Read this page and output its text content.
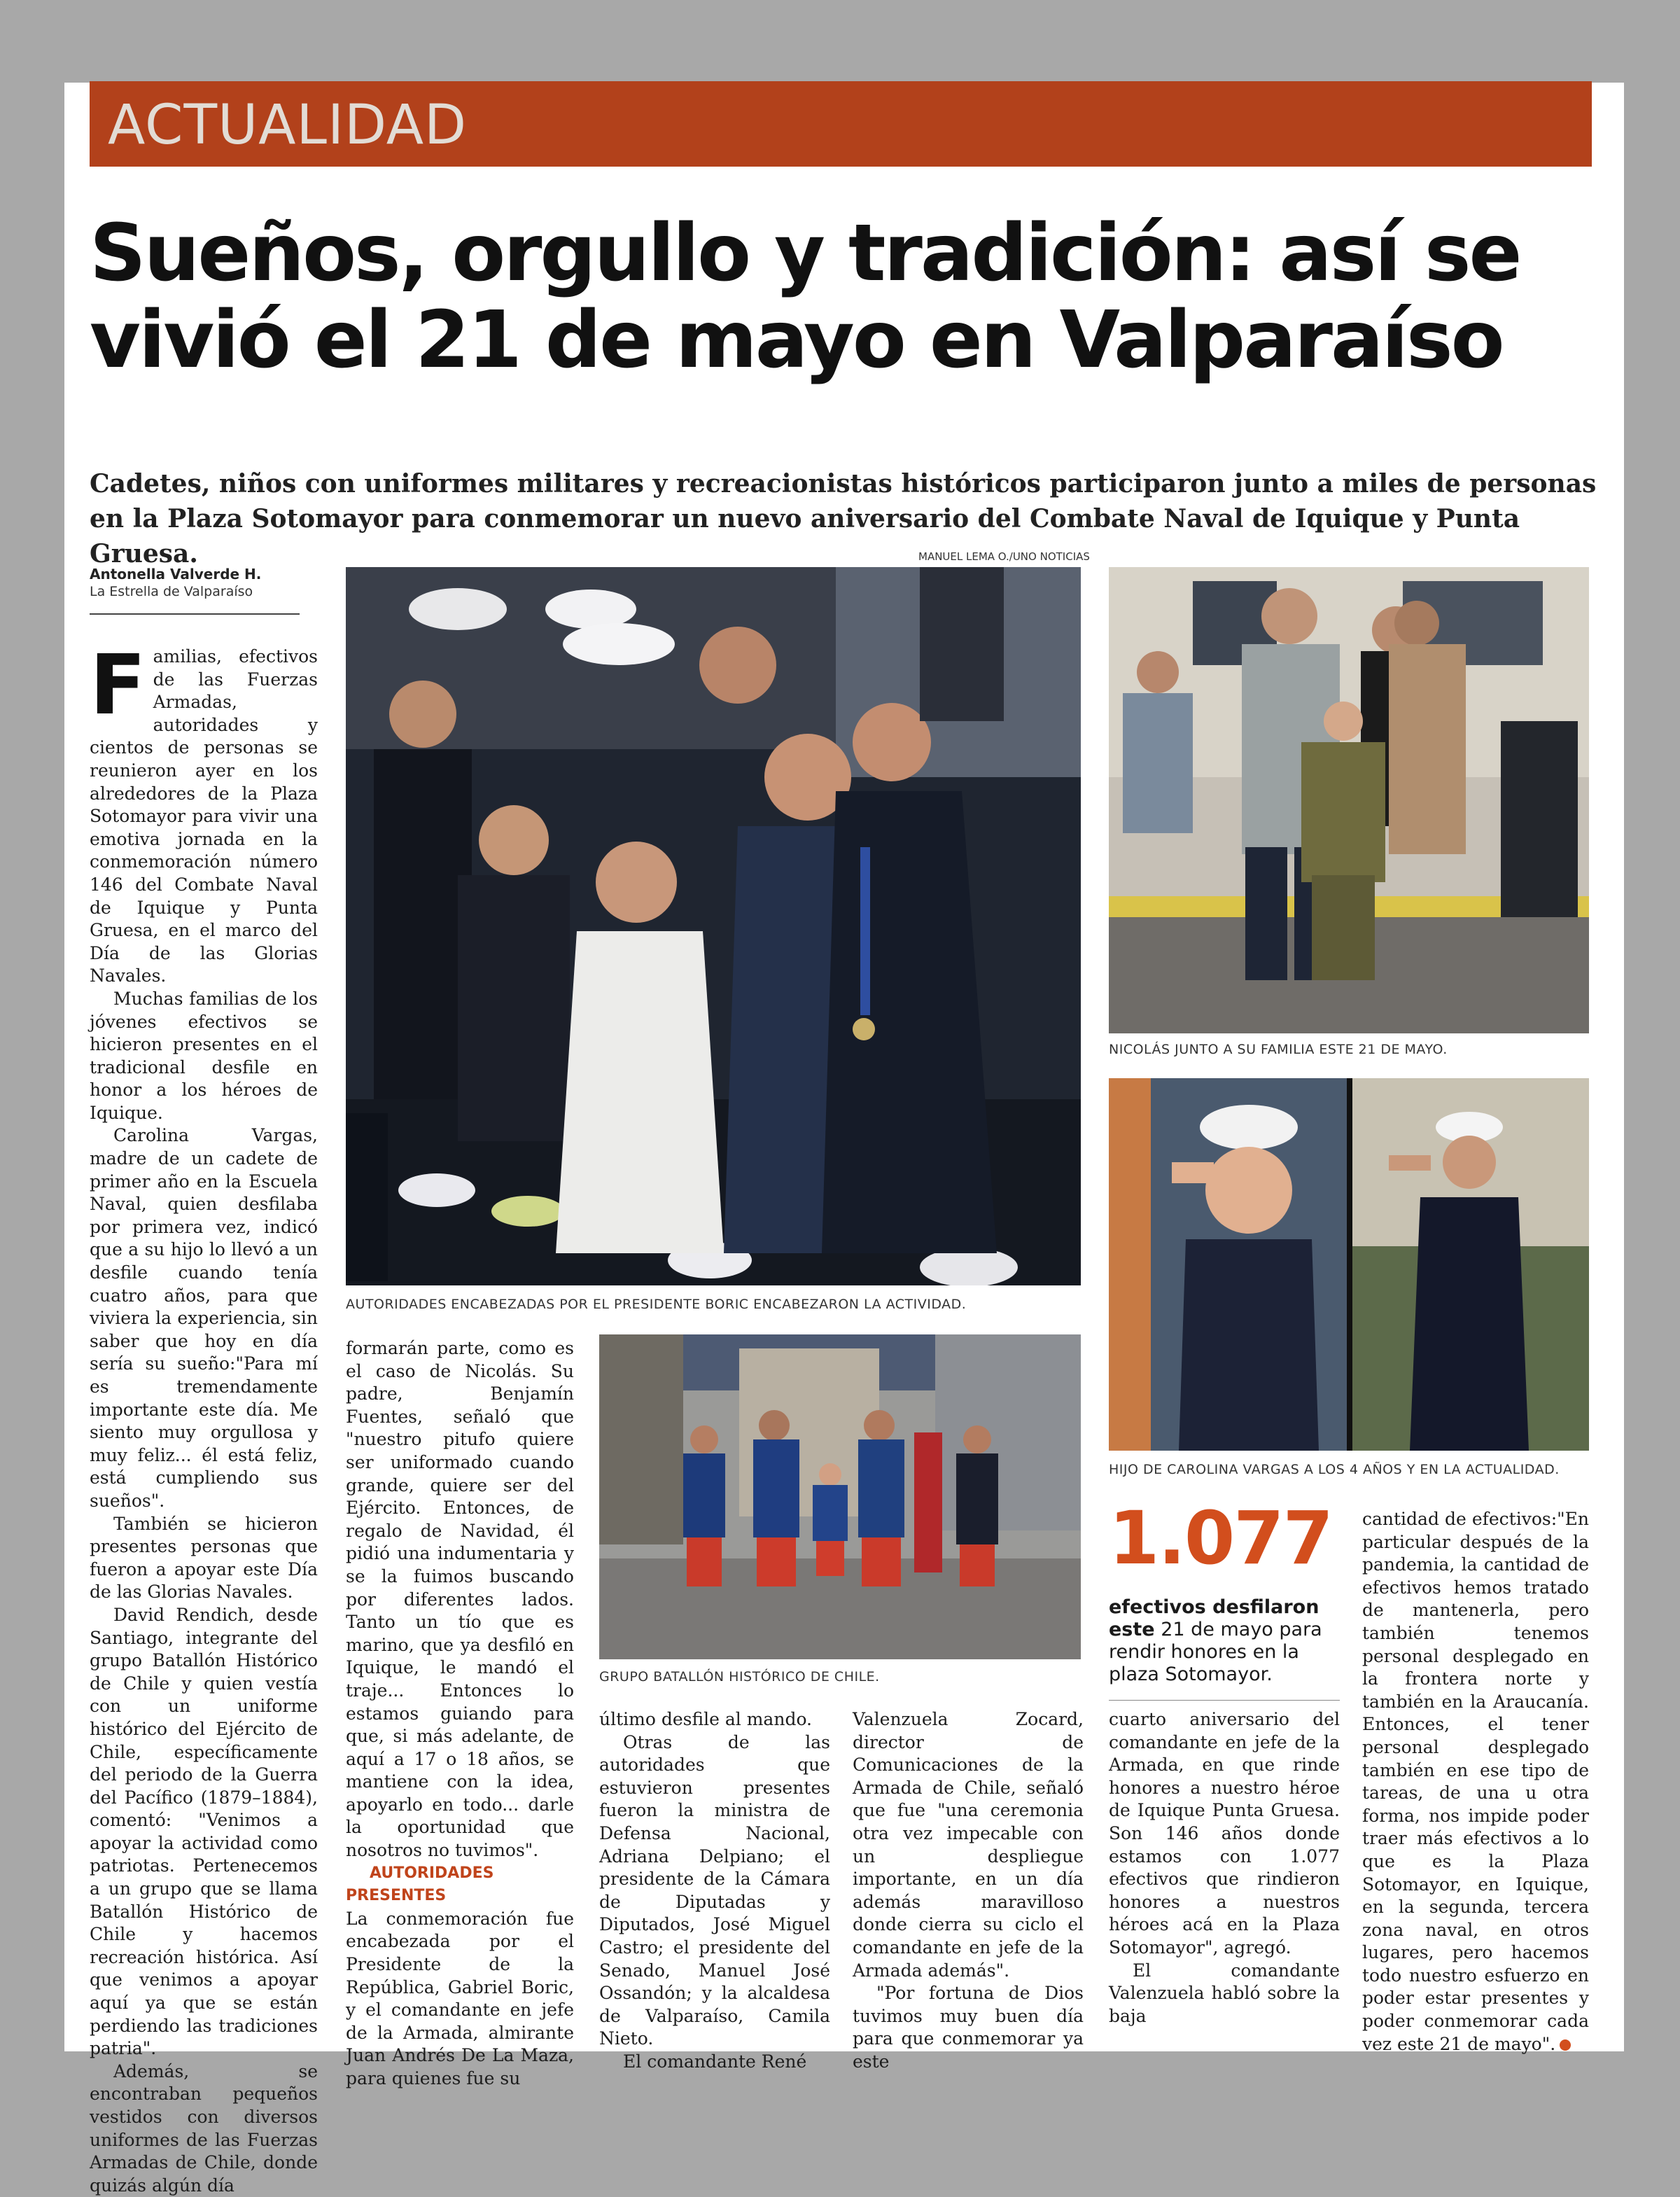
ACTUALIDAD
Sueños, orgullo y tradición: así se vivió el 21 de mayo en Valparaíso
Cadetes, niños con uniformes militares y recreacionistas históricos participaron junto a miles de personas en la Plaza Sotomayor para conmemorar un nuevo aniversario del Combate Naval de Iquique y Punta Gruesa.	MANUEL LEMA O./UNO NOTICIAS
Antonella Valverde H.
La Estrella de Valparaíso
AUTORIDADES ENCABEZADAS POR EL PRESIDENTE BORIC ENCABEZARON LA ACTIVIDAD.
NICOLÁS JUNTO A SU FAMILIA ESTE 21 DE MAYO.
HIJO DE CAROLINA VARGAS A LOS 4 AÑOS Y EN LA ACTUALIDAD.
GRUPO BATALLÓN HISTÓRICO DE CHILE.
1.077
efectivos desfilaron este 21 de mayo para rendir honores en la plaza Sotomayor.

Familias, efectivos de las Fuerzas Armadas, autoridades y cientos de personas se reunieron ayer en los alrededores de la Plaza Sotomayor para vivir una emotiva jornada en la conmemoración número 146 del Combate Naval de Iquique y Punta Gruesa, en el marco del Día de las Glorias Navales.

Muchas familias de los jóvenes efectivos se hicieron presentes en el tradicional desfile en honor a los héroes de Iquique.

Carolina Vargas, madre de un cadete de primer año en la Escuela Naval, quien desfilaba por primera vez, indicó que a su hijo lo llevó a un desfile cuando tenía cuatro años, para que viviera la experiencia, sin saber que hoy en día sería su sueño:"Para mí es tremendamente importante este día. Me siento muy orgullosa y muy feliz... él está feliz, está cumpliendo sus sueños".

También se hicieron presentes personas que fueron a apoyar este Día de las Glorias Navales.

David Rendich, desde Santiago, integrante del grupo Batallón Histórico de Chile y quien vestía con un uniforme histórico del Ejército de Chile, específicamente del periodo de la Guerra del Pacífico (1879–1884), comentó: "Venimos a apoyar la actividad como patriotas. Pertenecemos a un grupo que se llama Batallón Histórico de Chile y hacemos recreación histórica. Así que venimos a apoyar aquí ya que se están perdiendo las tradiciones patria".

Además, se encontraban pequeños vestidos con diversos uniformes de las Fuerzas Armadas de Chile, donde quizás algún día

formarán parte, como es el caso de Nicolás. Su padre, Benjamín Fuentes, señaló que "nuestro pitufo quiere ser uniformado cuando grande, quiere ser del Ejército. Entonces, de regalo de Navidad, él pidió una indumentaria y se la fuimos buscando por diferentes lados. Tanto un tío que es marino, que ya desfiló en Iquique, le mandó el traje... Entonces lo estamos guiando para que, si más adelante, de aquí a 17 o 18 años, se mantiene con la idea, apoyarlo en todo... darle la oportunidad que nosotros no tuvimos".

AUTORIDADES PRESENTES

La conmemoración fue encabezada por el Presidente de la República, Gabriel Boric, y el comandante en jefe de la Armada, almirante Juan Andrés De La Maza, para quienes fue su

último desfile al mando.

Otras de las autoridades que estuvieron presentes fueron la ministra de Defensa Nacional, Adriana Delpiano; el presidente de la Cámara de Diputadas y Diputados, José Miguel Castro; el presidente del Senado, Manuel José Ossandón; y la alcaldesa de Valparaíso, Camila Nieto.

El comandante René

Valenzuela Zocard, director de Comunicaciones de la Armada de Chile, señaló que fue "una ceremonia otra vez impecable con un despliegue importante, en un día además maravilloso donde cierra su ciclo el comandante en jefe de la Armada además".

"Por fortuna de Dios tuvimos muy buen día para que conmemorar ya este

cuarto aniversario del comandante en jefe de la Armada, en que rinde honores a nuestro héroe de Iquique Punta Gruesa. Son 146 años donde estamos con 1.077 efectivos que rindieron honores a nuestros héroes acá en la Plaza Sotomayor", agregó.

El comandante Valenzuela habló sobre la baja

cantidad de efectivos:"En particular después de la pandemia, la cantidad de efectivos hemos tratado de mantenerla, pero también tenemos personal desplegado en la frontera norte y también en la Araucanía. Entonces, el tener personal desplegado también en ese tipo de tareas, de una u otra forma, nos impide poder traer más efectivos a lo que es la Plaza Sotomayor, en Iquique, en la segunda, tercera zona naval, en otros lugares, pero hacemos todo nuestro esfuerzo en poder estar presentes y poder conmemorar cada vez este 21 de mayo".
